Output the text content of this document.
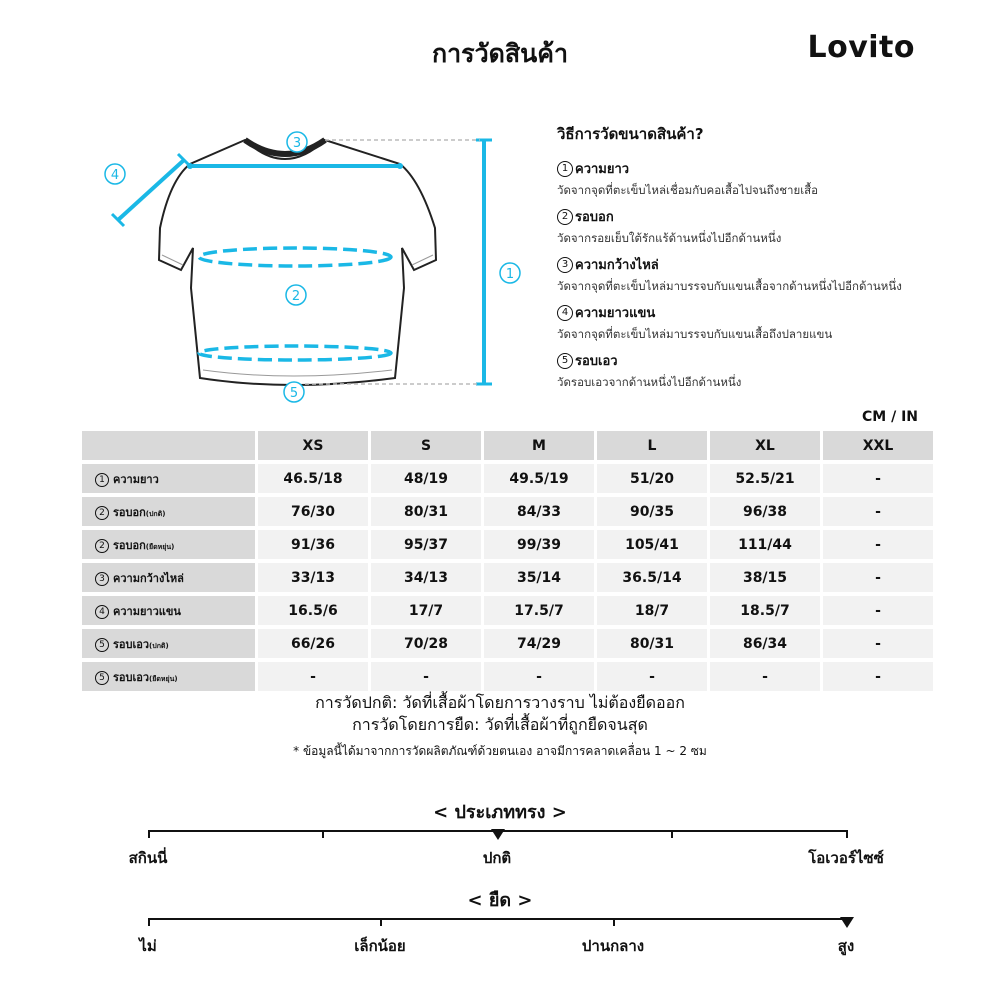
การวัดสินค้า	Lovito
1
2
3
4
5
วิธีการวัดขนาดสินค้า?
1 ความยาว
วัดจากจุดที่ตะเข็บไหล่เชื่อมกับคอเสื้อไปจนถึงชายเสื้อ
2 รอบอก
วัดจากรอยเย็บใต้รักแร้ด้านหนึ่งไปอีกด้านหนึ่ง
3 ความกว้างไหล่
วัดจากจุดที่ตะเข็บไหล่มาบรรจบกับแขนเสื้อจากด้านหนึ่งไปอีกด้านหนึ่ง
4 ความยาวแขน
วัดจากจุดที่ตะเข็บไหล่มาบรรจบกับแขนเสื้อถึงปลายแขน
5 รอบเอว
วัดรอบเอวจากด้านหนึ่งไปอีกด้านหนึ่ง
CM / IN
	XS	S	M	L	XL	XXL
1 ความยาว	46.5/18	48/19	49.5/19	51/20	52.5/21	-
2 รอบอก(ปกติ)	76/30	80/31	84/33	90/35	96/38	-
2 รอบอก(ยืดหยุ่น)	91/36	95/37	99/39	105/41	111/44	-
3 ความกว้างไหล่	33/13	34/13	35/14	36.5/14	38/15	-
4 ความยาวแขน	16.5/6	17/7	17.5/7	18/7	18.5/7	-
5 รอบเอว(ปกติ)	66/26	70/28	74/29	80/31	86/34	-
5 รอบเอว(ยืดหยุ่น)	-	-	-	-	-	-
การวัดปกติ: วัดที่เสื้อผ้าโดยการวางราบ ไม่ต้องยืดออก
การวัดโดยการยืด: วัดที่เสื้อผ้าที่ถูกยืดจนสุด
* ข้อมูลนี้ได้มาจากการวัดผลิตภัณฑ์ด้วยตนเอง อาจมีการคลาดเคลื่อน 1 ~ 2 ซม
< ประเภททรง >
สกินนี่	ปกติ	โอเวอร์ไซซ์
< ยืด >
ไม่	เล็กน้อย	ปานกลาง	สูง
